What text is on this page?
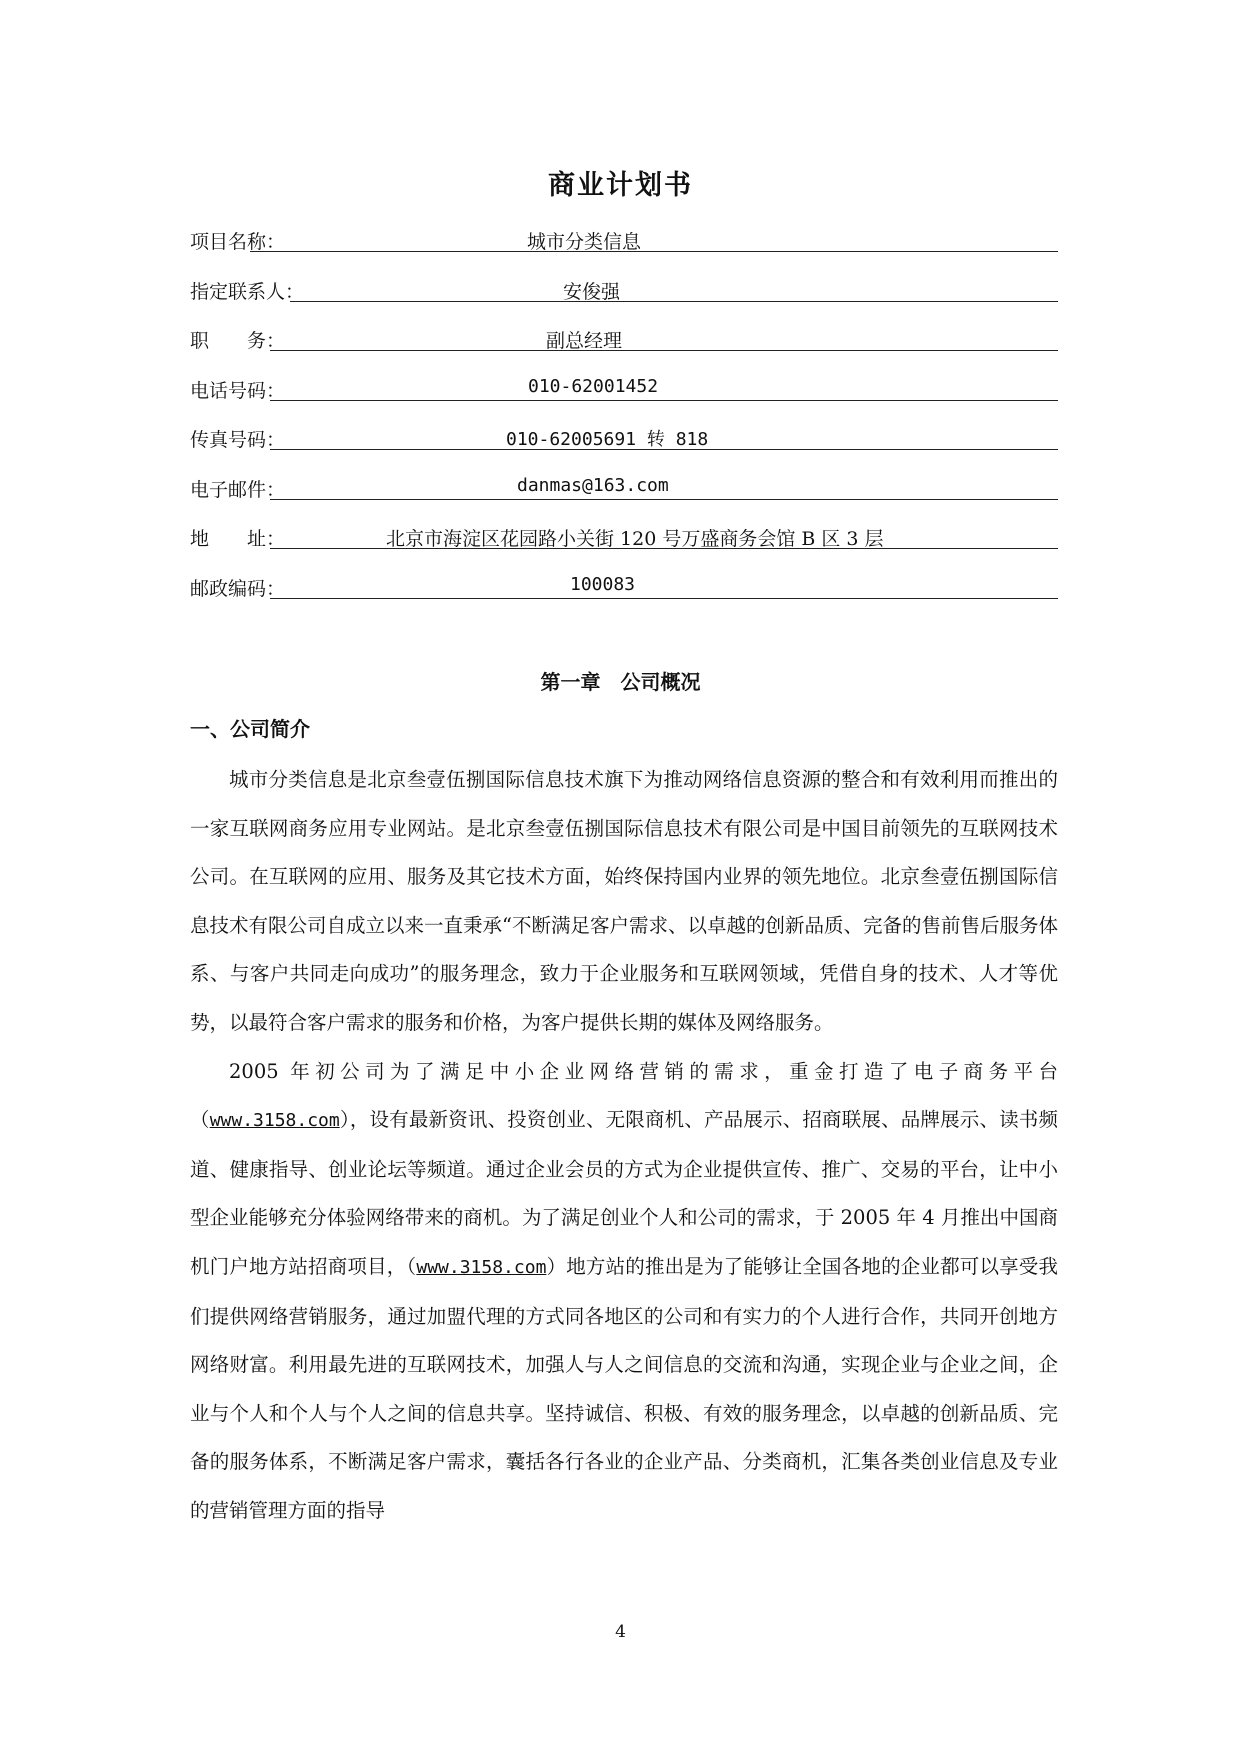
商业计划书
项目名称：	城市分类信息
指定联系人：	安俊强
职　　务：	副总经理
电话号码：	010-62001452
传真号码：	010-62005691 转 818
电子邮件：	danmas@163.com
地　　址：	北京市海淀区花园路小关街 120 号万盛商务会馆 B 区 3 层
邮政编码：	100083
第一章　公司概况
一、公司简介

城市分类信息是北京叁壹伍捌国际信息技术旗下为推动网络信息资源的整合和有效利用而推出的一家互联网商务应用专业网站。是北京叁壹伍捌国际信息技术有限公司是中国目前领先的互联网技术公司。在互联网的应用、服务及其它技术方面，始终保持国内业界的领先地位。北京叁壹伍捌国际信息技术有限公司自成立以来一直秉承“不断满足客户需求、以卓越的创新品质、完备的售前售后服务体系、与客户共同走向成功”的服务理念，致力于企业服务和互联网领域，凭借自身的技术、人才等优势，以最符合客户需求的服务和价格，为客户提供长期的媒体及网络服务。

2005 年初公司为了满足中小企业网络营销的需求，重金打造了电子商务平台（www.3158.com），设有最新资讯、投资创业、无限商机、产品展示、招商联展、品牌展示、读书频道、健康指导、创业论坛等频道。通过企业会员的方式为企业提供宣传、推广、交易的平台，让中小型企业能够充分体验网络带来的商机。为了满足创业个人和公司的需求，于 2005 年 4 月推出中国商机门户地方站招商项目，（www.3158.com）地方站的推出是为了能够让全国各地的企业都可以享受我们提供网络营销服务，通过加盟代理的方式同各地区的公司和有实力的个人进行合作，共同开创地方网络财富。利用最先进的互联网技术，加强人与人之间信息的交流和沟通，实现企业与企业之间，企业与个人和个人与个人之间的信息共享。坚持诚信、积极、有效的服务理念，以卓越的创新品质、完备的服务体系，不断满足客户需求，囊括各行各业的企业产品、分类商机，汇集各类创业信息及专业的营销管理方面的指导

4
